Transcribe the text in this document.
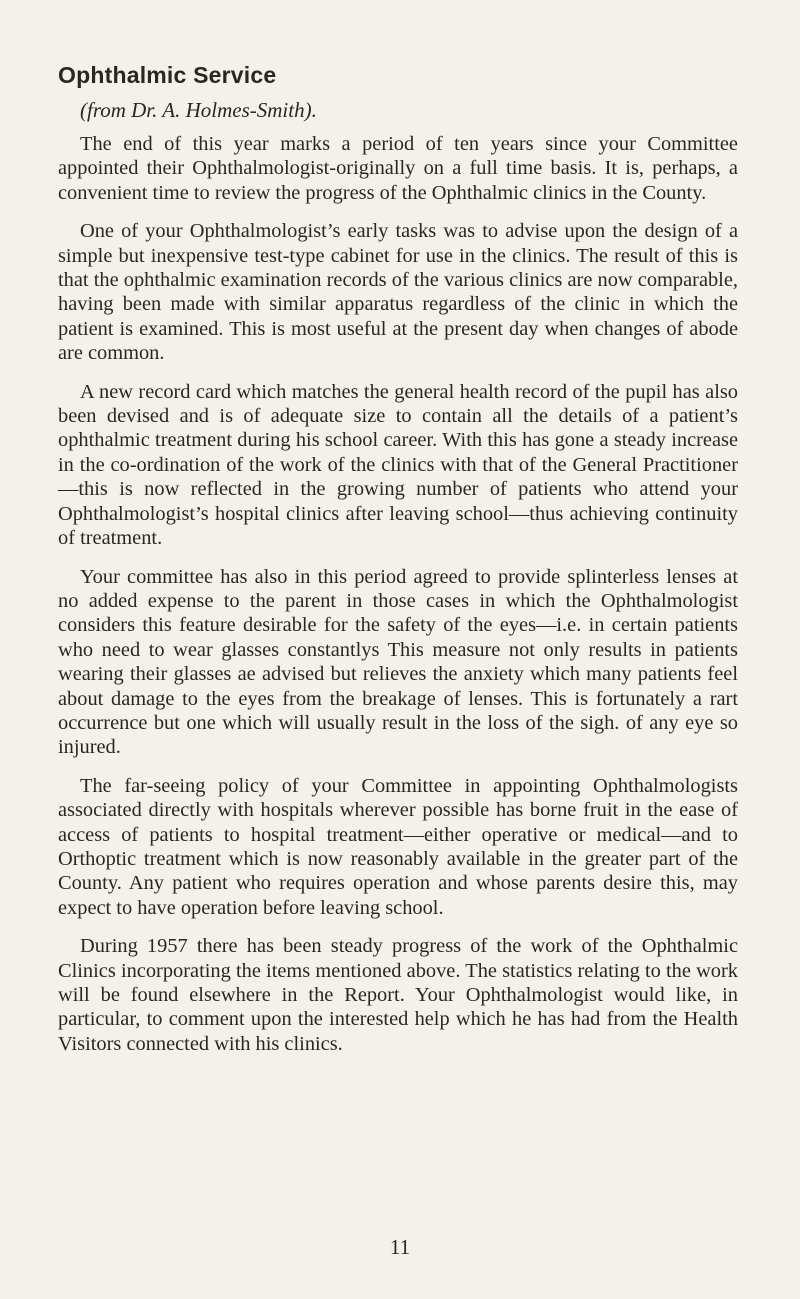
Ophthalmic Service
(from Dr. A. Holmes-Smith).

The end of this year marks a period of ten years since your Committee appointed their Ophthalmologist-originally on a full time basis. It is, perhaps, a convenient time to review the progress of the Ophthalmic clinics in the County.

One of your Ophthalmologist’s early tasks was to advise upon the design of a simple but inexpensive test-type cabinet for use in the clinics. The result of this is that the ophthalmic examination records of the various clinics are now comparable, having been made with similar apparatus regardless of the clinic in which the patient is examined. This is most useful at the present day when changes of abode are common.

A new record card which matches the general health record of the pupil has also been devised and is of adequate size to contain all the details of a patient’s ophthalmic treatment during his school career. With this has gone a steady increase in the co-ordination of the work of the clinics with that of the General Practitioner—this is now reflected in the growing number of patients who attend your Ophthalmologist’s hospital clinics after leaving school—thus achieving continuity of treatment.

Your committee has also in this period agreed to provide splinterless lenses at no added expense to the parent in those cases in which the Ophthalmologist considers this feature desirable for the safety of the eyes—i.e. in certain patients who need to wear glasses constantlys This measure not only results in patients wearing their glasses ae advised but relieves the anxiety which many patients feel about damage to the eyes from the breakage of lenses. This is fortunately a rart occurrence but one which will usually result in the loss of the sigh. of any eye so injured.

The far-seeing policy of your Committee in appointing Ophthalmologists associated directly with hospitals wherever possible has borne fruit in the ease of access of patients to hospital treatment—either operative or medical—and to Orthoptic treatment which is now reasonably available in the greater part of the County. Any patient who requires operation and whose parents desire this, may expect to have operation before leaving school.

During 1957 there has been steady progress of the work of the Ophthalmic Clinics incorporating the items mentioned above. The statistics relating to the work will be found elsewhere in the Report. Your Ophthalmologist would like, in particular, to comment upon the interested help which he has had from the Health Visitors connected with his clinics.

11
